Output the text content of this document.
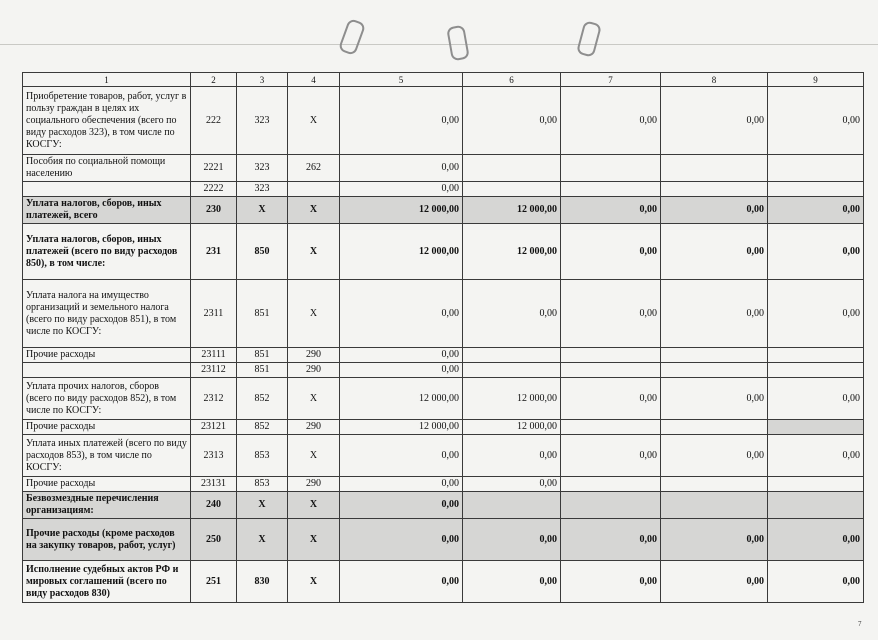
1	2	3	4	5	6	7	8	9
Приобретение товаров, работ, услуг в пользу граждан в целях их социального обеспечения (всего по виду расходов 323), в том числе по КОСГУ:	222	323	X	0,00	0,00	0,00	0,00	0,00
Пособия по социальной помощи населению	2221	323	262	0,00				
	2222	323		0,00				
Уплата налогов, сборов, иных платежей, всего	230	X	X	12 000,00	12 000,00	0,00	0,00	0,00
Уплата налогов, сборов, иных платежей (всего по виду расходов 850), в том числе:	231	850	X	12 000,00	12 000,00	0,00	0,00	0,00
Уплата налога на имущество организаций и земельного налога (всего по виду расходов 851), в том числе по КОСГУ:	2311	851	X	0,00	0,00	0,00	0,00	0,00
Прочие расходы	23111	851	290	0,00				
	23112	851	290	0,00				
Уплата прочих налогов, сборов (всего по виду расходов 852), в том числе по КОСГУ:	2312	852	X	12 000,00	12 000,00	0,00	0,00	0,00
Прочие расходы	23121	852	290	12 000,00	12 000,00			
Уплата иных платежей (всего по виду расходов 853), в том числе по КОСГУ:	2313	853	X	0,00	0,00	0,00	0,00	0,00
Прочие расходы	23131	853	290	0,00	0,00			
Безвозмездные перечисления организациям:	240	X	X	0,00				
Прочие расходы (кроме расходов на закупку товаров, работ, услуг)	250	X	X	0,00	0,00	0,00	0,00	0,00
Исполнение судебных актов РФ и мировых соглашений (всего по виду расходов 830)	251	830	X	0,00	0,00	0,00	0,00	0,00
7
